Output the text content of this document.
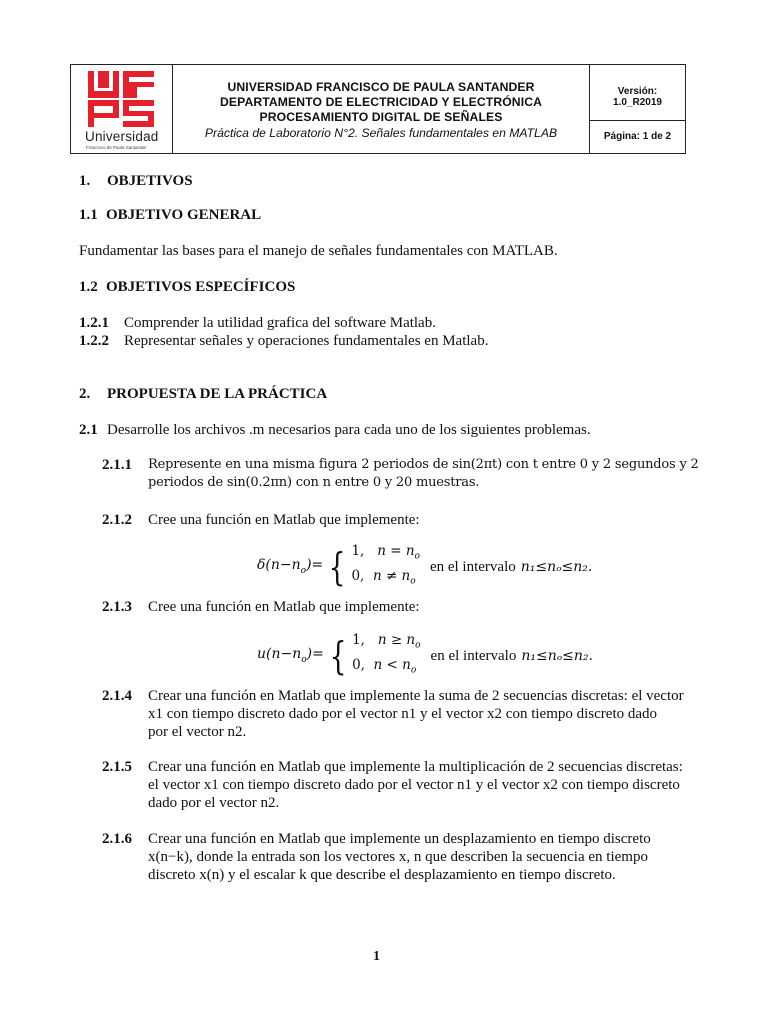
Universidad
Francisco de Paula Santander
UNIVERSIDAD FRANCISCO DE PAULA SANTANDER
DEPARTAMENTO DE ELECTRICIDAD Y ELECTRÓNICA
PROCESAMIENTO DIGITAL DE SEÑALES
Práctica de Laboratorio N°2. Señales fundamentales en MATLAB
Versión:
1.0_R2019
Página: 1 de 2
1. OBJETIVOS
1.1 OBJETIVO GENERAL
Fundamentar las bases para el manejo de señales fundamentales con MATLAB.
1.2 OBJETIVOS ESPECÍFICOS
1.2.1 Comprender la utilidad grafica del software Matlab.
1.2.2 Representar señales y operaciones fundamentales en Matlab.
2. PROPUESTA DE LA PRÁCTICA
2.1 Desarrolle los archivos .m necesarios para cada uno de los siguientes problemas.
2.1.1 Represente en una misma figura 2 periodos de sin(2πt) con t entre 0 y 2 segundos y 2
periodos de sin(0.2πn) con n entre 0 y 20 muestras.
2.1.2 Cree una función en Matlab que implemente:
$\delta(n-n_o)=$ { 1, $n = n_o$
0, $n \ne n_o$
en el intervalo n₁≤nₒ≤n₂.
2.1.3 Cree una función en Matlab que implemente:
$u(n-n_o)=$ { 1, $n \ge n_o$
0, $n < n_o$
en el intervalo n₁≤nₒ≤n₂.
2.1.4 Crear una función en Matlab que implemente la suma de 2 secuencias discretas: el vector
x1 con tiempo discreto dado por el vector n1 y el vector x2 con tiempo discreto dado
por el vector n2.
2.1.5 Crear una función en Matlab que implemente la multiplicación de 2 secuencias discretas:
el vector x1 con tiempo discreto dado por el vector n1 y el vector x2 con tiempo discreto
dado por el vector n2.
2.1.6 Crear una función en Matlab que implemente un desplazamiento en tiempo discreto
x(n−k), donde la entrada son los vectores x, n que describen la secuencia en tiempo
discreto x(n) y el escalar k que describe el desplazamiento en tiempo discreto.
1
